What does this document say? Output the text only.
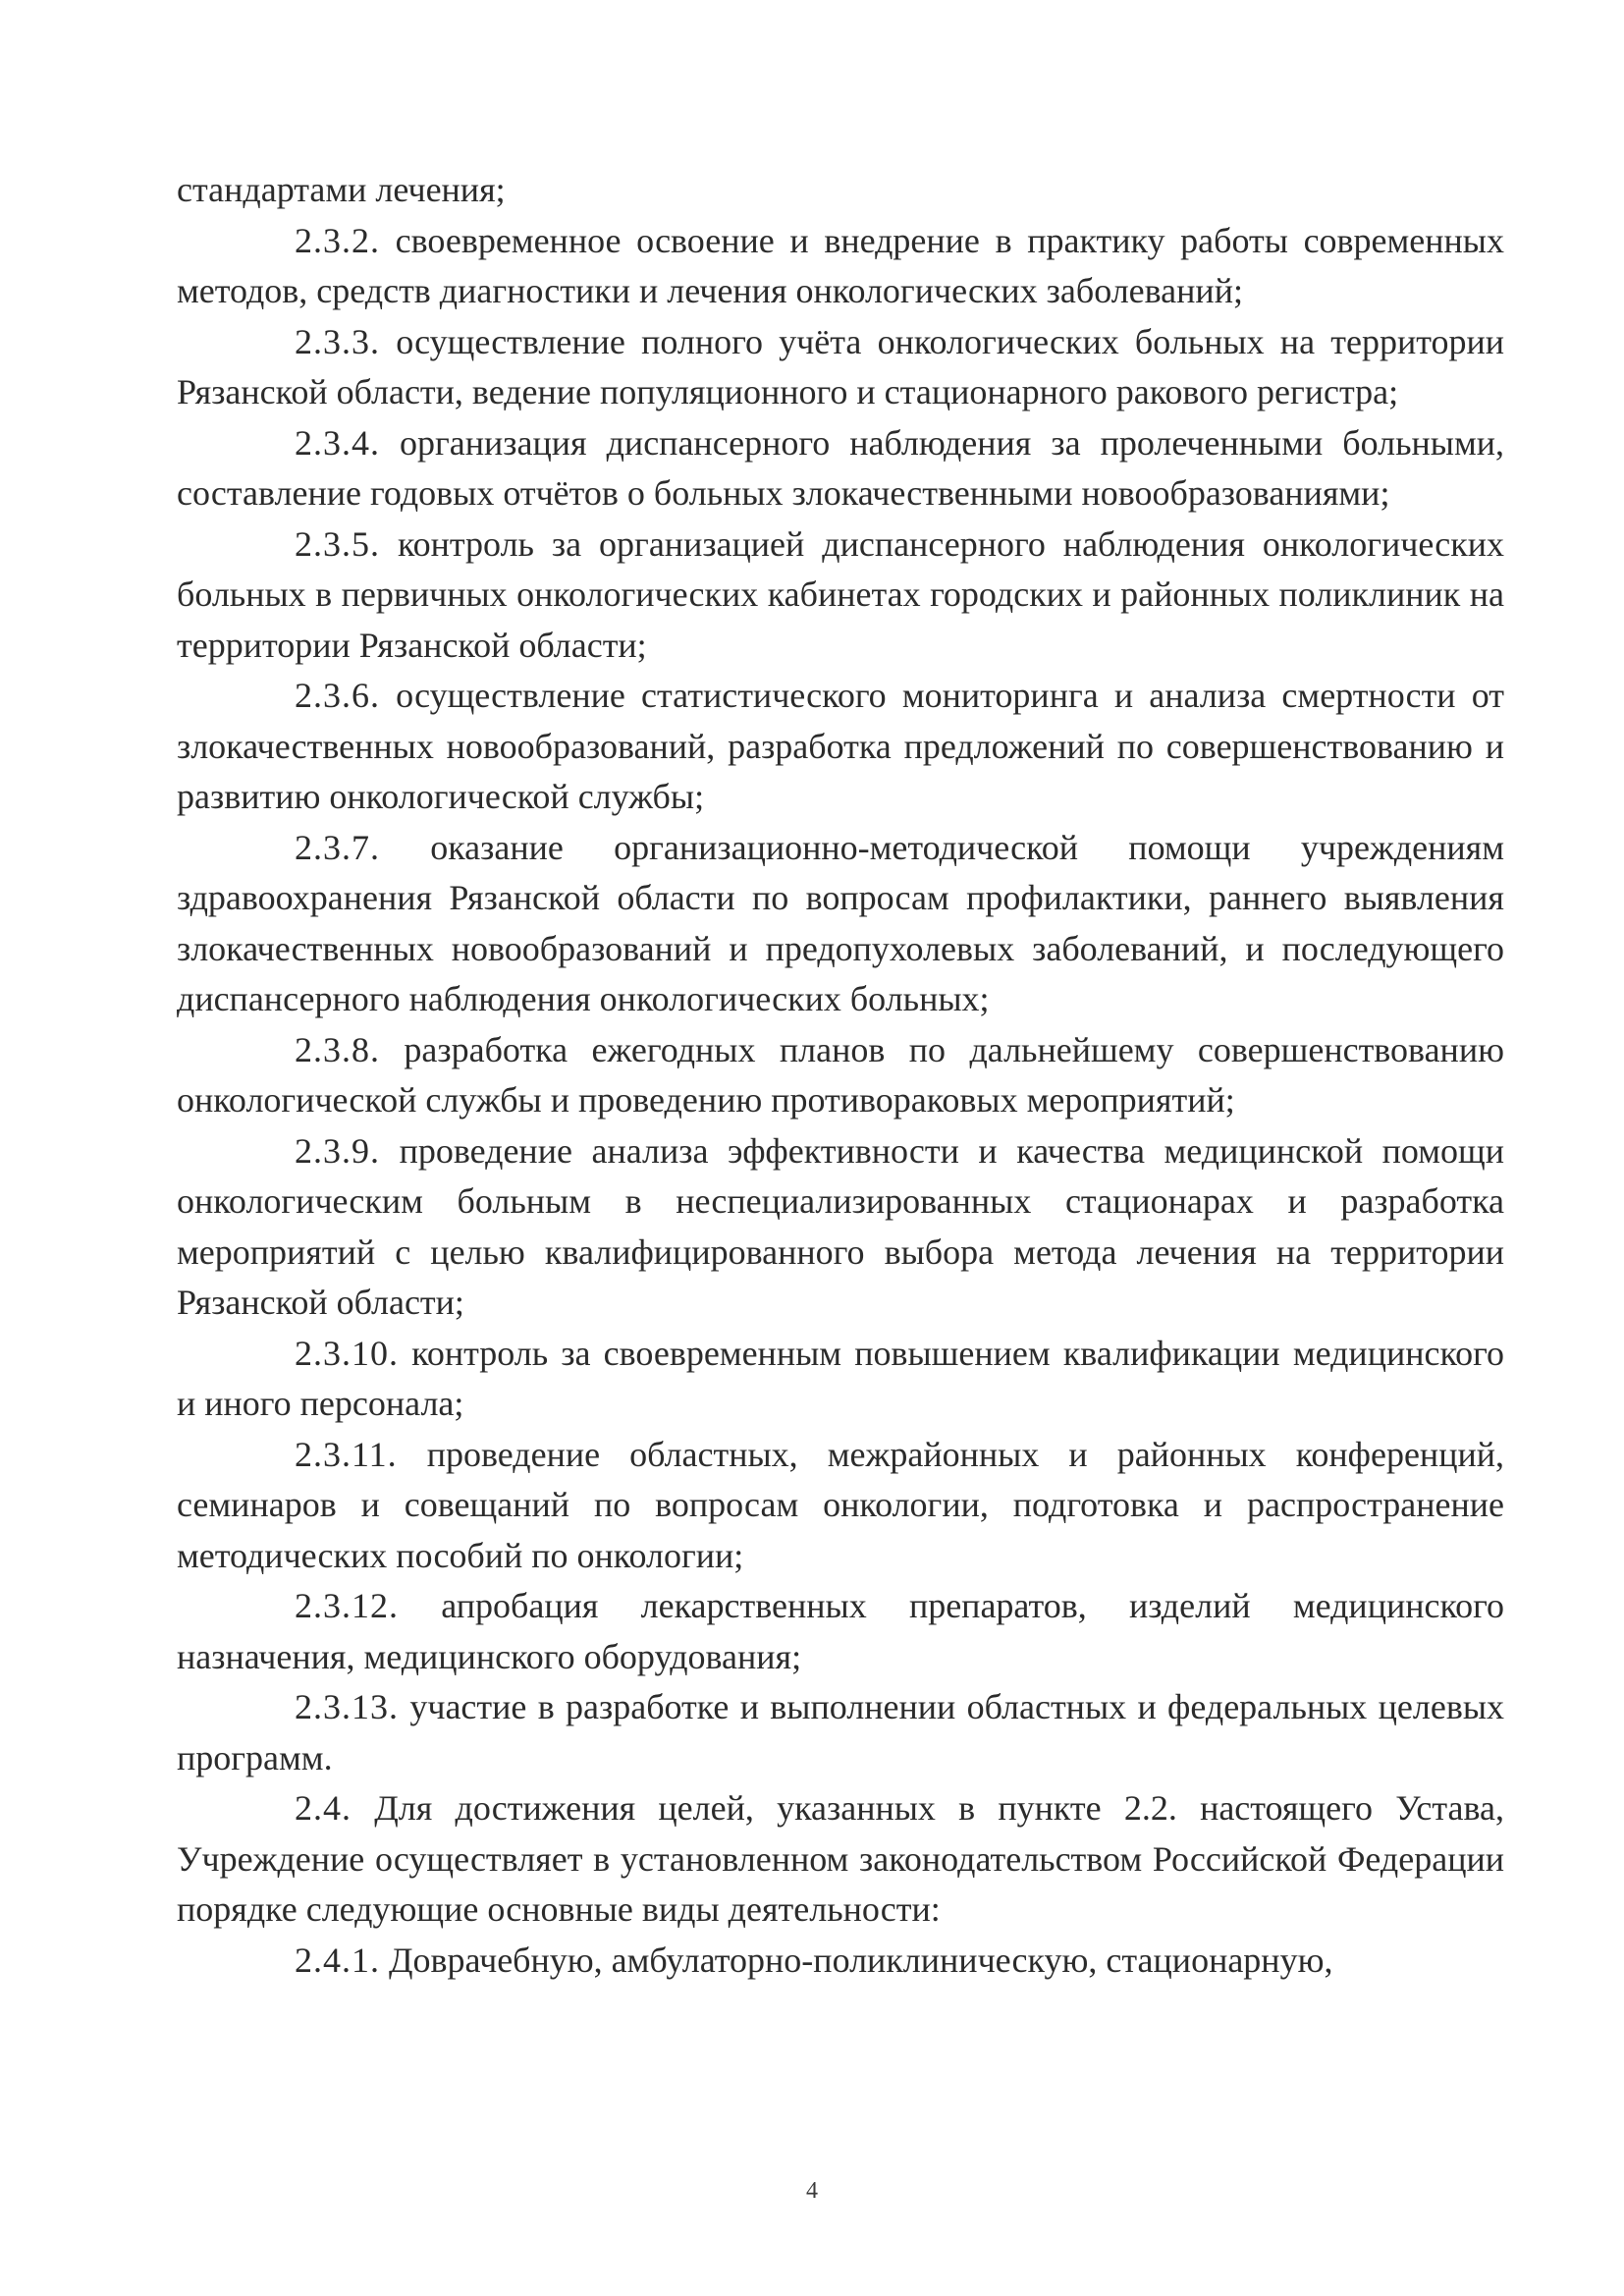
стандартами лечения;

2.3.2. своевременное освоение и внедрение в практику работы современных методов, средств диагностики и лечения онкологических заболеваний;

2.3.3. осуществление полного учёта онкологических больных на территории Рязанской области, ведение популяционного и стационарного ракового регистра;

2.3.4. организация диспансерного наблюдения за пролеченными больными, составление годовых отчётов о больных злокачественными новообразованиями;

2.3.5. контроль за организацией диспансерного наблюдения онкологических больных в первичных онкологических кабинетах городских и районных поликлиник на территории Рязанской области;

2.3.6. осуществление статистического мониторинга и анализа смертности от злокачественных новообразований, разработка предложений по совершенствованию и развитию онкологической службы;

2.3.7. оказание организационно-методической помощи учреждениям здравоохранения Рязанской области по вопросам профилактики, раннего выявления злокачественных новообразований и предопухолевых заболеваний, и последующего диспансерного наблюдения онкологических больных;

2.3.8. разработка ежегодных планов по дальнейшему совершенствованию онкологической службы и проведению противораковых мероприятий;

2.3.9. проведение анализа эффективности и качества медицинской помощи онкологическим больным в неспециализированных стационарах и разработка мероприятий с целью квалифицированного выбора метода лечения на территории Рязанской области;

2.3.10. контроль за своевременным повышением квалификации медицинского и иного персонала;

2.3.11. проведение областных, межрайонных и районных конференций, семинаров и совещаний по вопросам онкологии, подготовка и распространение методических пособий по онкологии;

2.3.12. апробация лекарственных препаратов, изделий медицинского назначения, медицинского оборудования;

2.3.13. участие в разработке и выполнении областных и федеральных целевых программ.

2.4. Для достижения целей, указанных в пункте 2.2. настоящего Устава, Учреждение осуществляет в установленном законодательством Российской Федерации порядке следующие основные виды деятельности:

2.4.1. Доврачебную, амбулаторно-поликлиническую, стационарную,

4
